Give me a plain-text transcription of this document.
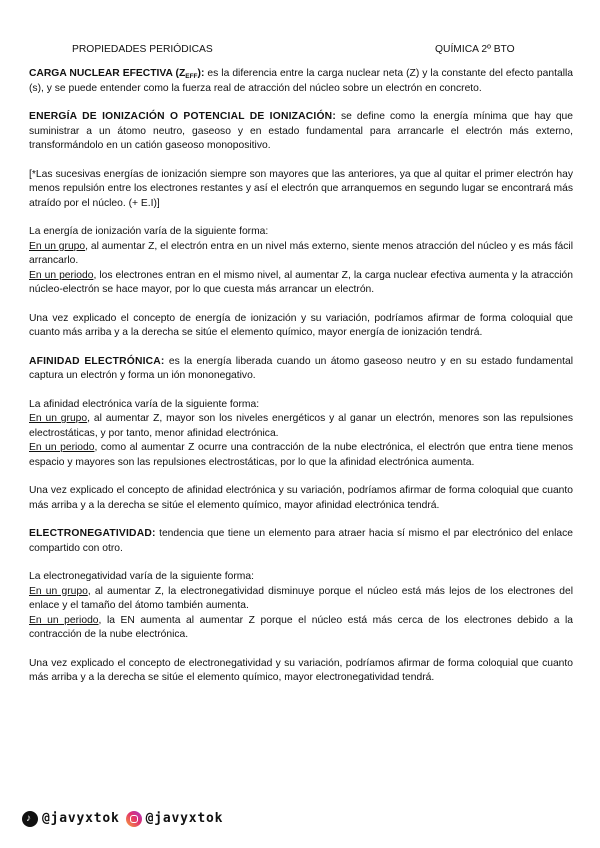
PROPIEDADES PERIÓDICAS	QUÍMICA 2º BTO

CARGA NUCLEAR EFECTIVA $(Z_{EFF})$: es la diferencia entre la carga nuclear neta (Z) y la constante del efecto pantalla (s), y se puede entender como la fuerza real de atracción del núcleo sobre un electrón en concreto.

ENERGÍA DE IONIZACIÓN O POTENCIAL DE IONIZACIÓN: se define como la energía mínima que hay que suministrar a un átomo neutro, gaseoso y en estado fundamental para arrancarle el electrón más externo, transformándolo en un catión gaseoso monopositivo.

[*Las sucesivas energías de ionización siempre son mayores que las anteriores, ya que al quitar el primer electrón hay menos repulsión entre los electrones restantes y así el electrón que arranquemos en segundo lugar se encontrará más atraído por el núcleo. (+ E.I)]

La energía de ionización varía de la siguiente forma:

En un grupo, al aumentar Z, el electrón entra en un nivel más externo, siente menos atracción del núcleo y es más fácil arrancarlo.

En un periodo, los electrones entran en el mismo nivel, al aumentar Z, la carga nuclear efectiva aumenta y la atracción núcleo-electrón se hace mayor, por lo que cuesta más arrancar un electrón.

Una vez explicado el concepto de energía de ionización y su variación, podríamos afirmar de forma coloquial que cuanto más arriba y a la derecha se sitúe el elemento químico, mayor energía de ionización tendrá.

AFINIDAD ELECTRÓNICA: es la energía liberada cuando un átomo gaseoso neutro y en su estado fundamental captura un electrón y forma un ión mononegativo.

La afinidad electrónica varía de la siguiente forma:

En un grupo, al aumentar Z, mayor son los niveles energéticos y al ganar un electrón, menores son las repulsiones electrostáticas, y por tanto, menor afinidad electrónica.

En un periodo, como al aumentar Z ocurre una contracción de la nube electrónica, el electrón que entra tiene menos espacio y mayores son las repulsiones electrostáticas, por lo que la afinidad electrónica aumenta.

Una vez explicado el concepto de afinidad electrónica y su variación, podríamos afirmar de forma coloquial que cuanto más arriba y a la derecha se sitúe el elemento químico, mayor afinidad electrónica tendrá.

ELECTRONEGATIVIDAD: tendencia que tiene un elemento para atraer hacia sí mismo el par electrónico del enlace compartido con otro.

La electronegatividad varía de la siguiente forma:

En un grupo, al aumentar Z, la electronegatividad disminuye porque el núcleo está más lejos de los electrones del enlace y el tamaño del átomo también aumenta.

En un periodo, la EN aumenta al aumentar Z porque el núcleo está más cerca de los electrones debido a la contracción de la nube electrónica.

Una vez explicado el concepto de electronegatividad y su variación, podríamos afirmar de forma coloquial que cuanto más arriba y a la derecha se sitúe el elemento químico, mayor electronegatividad tendrá.

♪
@javyxtok @javyxtok
